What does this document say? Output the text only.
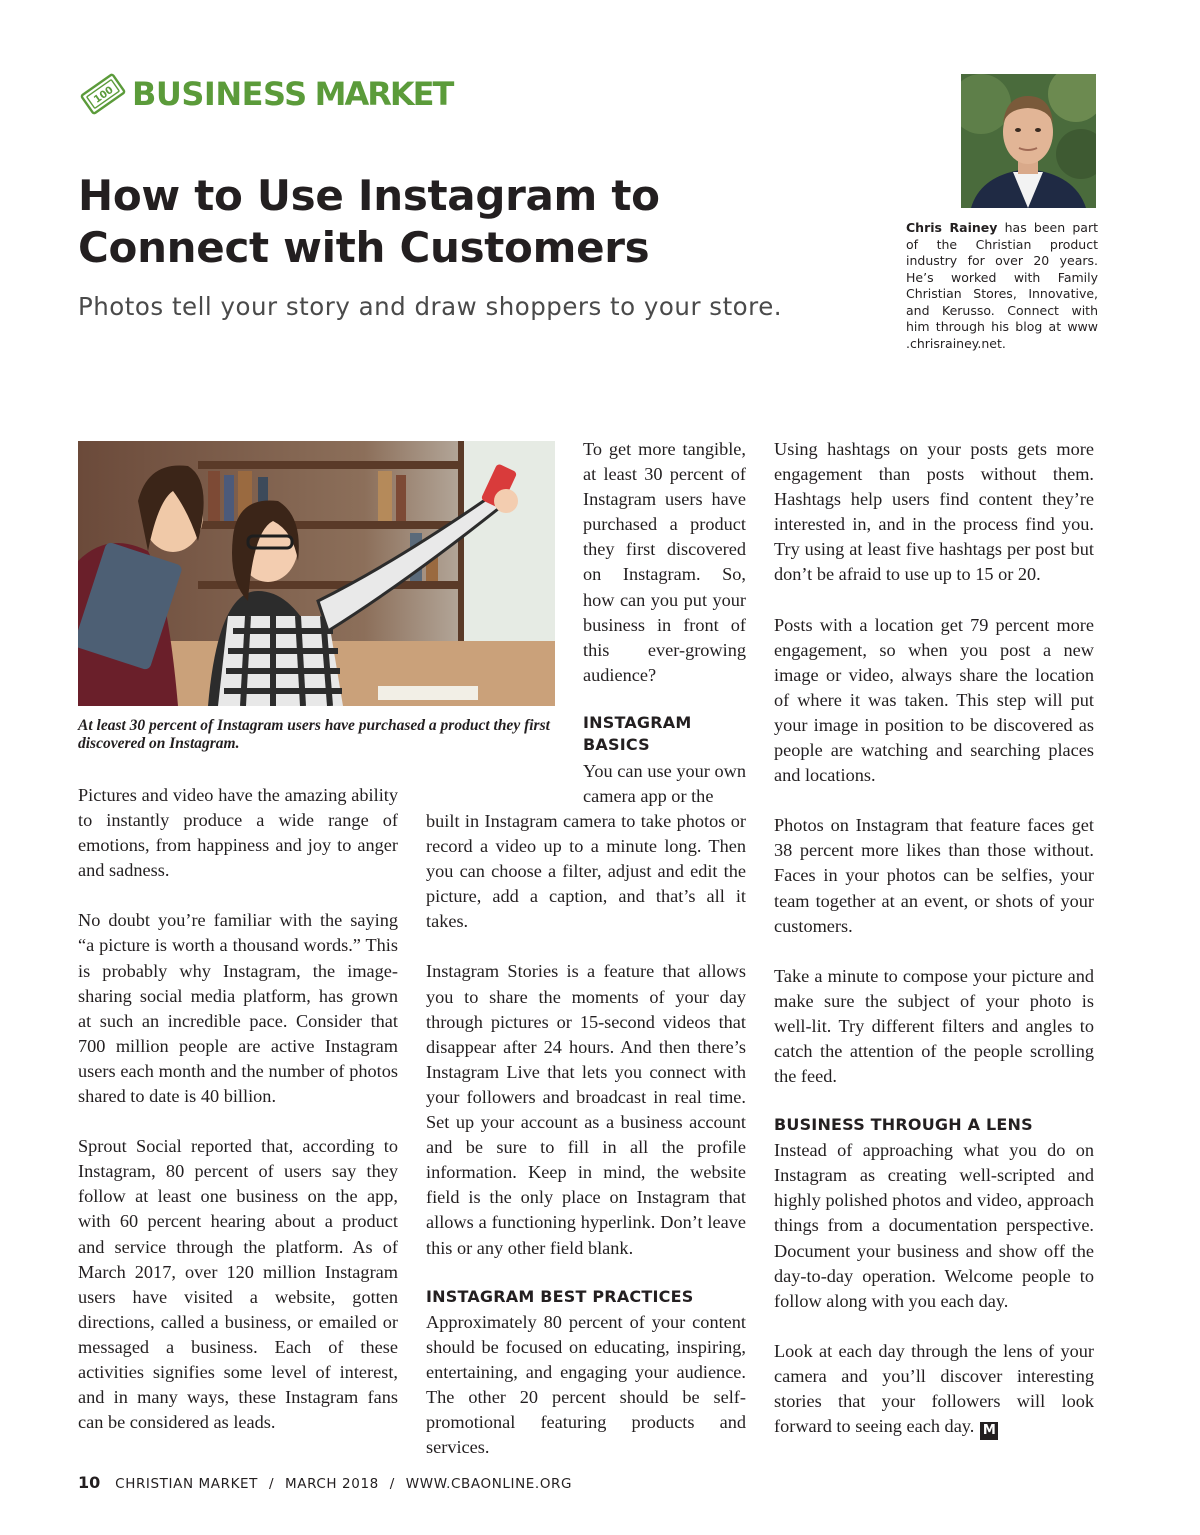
100 BUSINESS MARKET
How to Use Instagram to
Connect with Customers
Photos tell your story and draw shoppers to your store.
Chris Rainey has been part of the Christian product industry for over 20 years. He’s worked with Family Christian Stores, Innovative, and Kerusso. Connect with him through his blog at www .chrisrainey.net.
At least 30 percent of Instagram users have purchased a product they first discovered on Instagram.

Pictures and video have the amazing ability to instantly produce a wide range of emotions, from happiness and joy to anger and sadness.

No doubt you’re familiar with the saying “a picture is worth a thousand words.” This is probably why Instagram, the image-sharing social media platform, has grown at such an incredible pace. Consider that 700 million people are active Instagram users each month and the number of photos shared to date is 40 billion.

Sprout Social reported that, according to Instagram, 80 percent of users say they follow at least one business on the app, with 60 percent hearing about a product and service through the platform. As of March 2017, over 120 million Instagram users have visited a website, gotten directions, called a business, or emailed or messaged a business. Each of these activities signifies some level of interest, and in many ways, these Instagram fans can be considered as leads.

To get more tangible, at least 30 percent of Instagram users have purchased a product they first discovered on Instagram. So, how can you put your business in front of this ever-growing audience?

INSTAGRAM
BASICS

You can use your own camera app or the

built in Instagram camera to take photos or record a video up to a minute long. Then you can choose a filter, adjust and edit the picture, add a caption, and that’s all it takes.

Instagram Stories is a feature that allows you to share the moments of your day through pictures or 15-second videos that disappear after 24 hours. And then there’s Instagram Live that lets you connect with your followers and broadcast in real time. Set up your account as a business account and be sure to fill in all the profile information. Keep in mind, the website field is the only place on Instagram that allows a functioning hyperlink. Don’t leave this or any other field blank.

INSTAGRAM BEST PRACTICES

Approximately 80 percent of your content should be focused on educating, inspiring, entertaining, and engaging your audience. The other 20 percent should be self-promotional featuring products and services.

Using hashtags on your posts gets more engagement than posts without them. Hashtags help users find content they’re interested in, and in the process find you. Try using at least five hashtags per post but don’t be afraid to use up to 15 or 20.

Posts with a location get 79 percent more engagement, so when you post a new image or video, always share the location of where it was taken. This step will put your image in position to be discovered as people are watching and searching places and locations.

Photos on Instagram that feature faces get 38 percent more likes than those without. Faces in your photos can be selfies, your team together at an event, or shots of your customers.

Take a minute to compose your picture and make sure the subject of your photo is well-lit. Try different filters and angles to catch the attention of the people scrolling the feed.

BUSINESS THROUGH A LENS

Instead of approaching what you do on Instagram as creating well-scripted and highly polished photos and video, approach things from a documentation perspective. Document your business and show off the day-to-day operation. Welcome people to follow along with you each day.

Look at each day through the lens of your camera and you’ll discover interesting stories that your followers will look forward to seeing each day. M

10 CHRISTIAN MARKET / MARCH 2018 / WWW.CBAONLINE.ORG
